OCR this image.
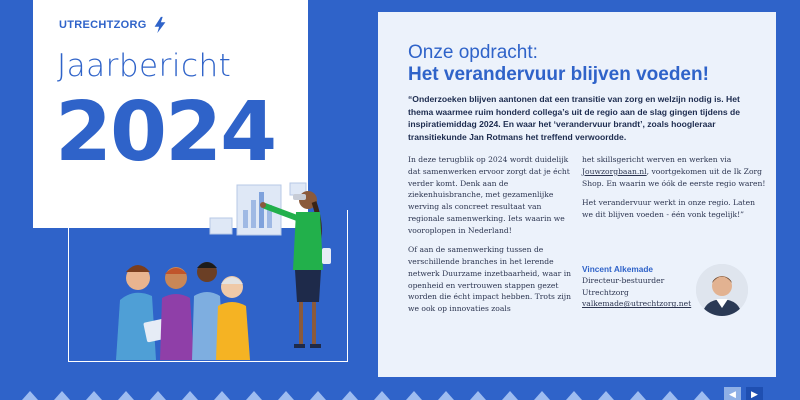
UTRECHTZORG
Jaarbericht
2024
Onze opdracht:
Het verandervuur blijven voeden!
“Onderzoeken blijven aantonen dat een transitie van zorg en welzijn nodig is. Het thema waarmee ruim honderd collega’s uit de regio aan de slag gingen tijdens de inspiratiemiddag 2024. En waar het ‘verandervuur brandt’, zoals hoogleraar transitiekunde Jan Rotmans het treffend verwoordde.

In deze terugblik op 2024 wordt duidelijk dat samenwerken ervoor zorgt dat je écht verder komt. Denk aan de ziekenhuisbranche, met gezamenlijke werving als concreet resultaat van regionale samenwerking. Iets waarin we vooroplopen in Nederland!

Of aan de samenwerking tussen de verschillende branches in het lerende netwerk Duurzame inzetbaarheid, waar in openheid en vertrouwen stappen gezet worden die écht impact hebben. Trots zijn we ook op innovaties zoals

het skillsgericht werven en werken via Jouwzorgbaan.nl, voortgekomen uit de Ik Zorg Shop. En waarin we óók de eerste regio waren!

Het verandervuur werkt in onze regio. Laten we dit blijven voeden - één vonk tegelijk!”

Vincent Alkemade
Directeur-bestuurder
Utrechtzorg
valkemade@utrechtzorg.net
◀	▶
